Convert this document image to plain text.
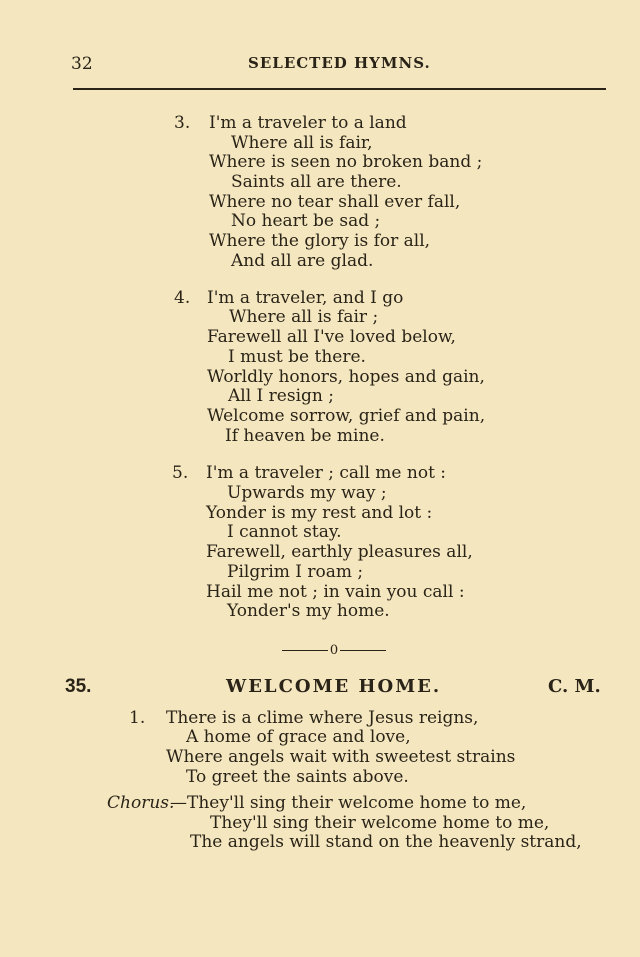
32	SELECTED HYMNS.
3. I'm a traveler to a land
Where all is fair,
Where is seen no broken band ;
Saints all are there.
Where no tear shall ever fall,
No heart be sad ;
Where the glory is for all,
And all are glad.
4. I'm a traveler, and I go
Where all is fair ;
Farewell all I've loved below,
I must be there.
Worldly honors, hopes and gain,
All I resign ;
Welcome sorrow, grief and pain,
If heaven be mine.
5. I'm a traveler ; call me not :
Upwards my way ;
Yonder is my rest and lot :
I cannot stay.
Farewell, earthly pleasures all,
Pilgrim I roam ;
Hail me not ; in vain you call :
Yonder's my home.
0
35.	WELCOME HOME.	C. M.
1. There is a clime where Jesus reigns,
A home of grace and love,
Where angels wait with sweetest strains
To greet the saints above.
Chorus.
—They'll sing their welcome home to me,
They'll sing their welcome home to me,
The angels will stand on the heavenly strand,
